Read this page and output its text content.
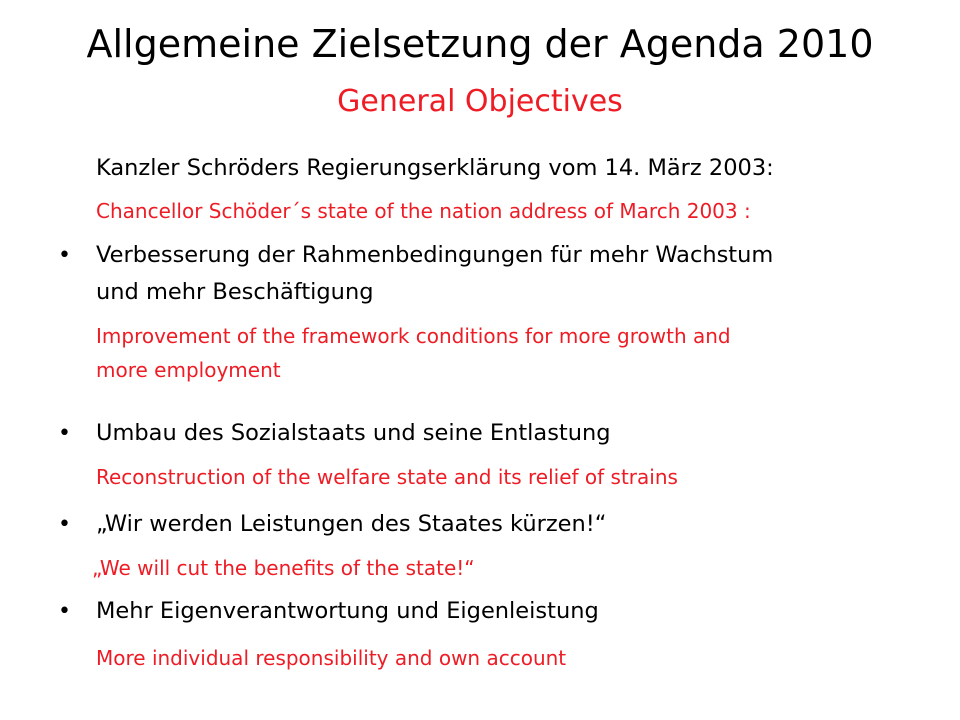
Allgemeine Zielsetzung der Agenda 2010
General Objectives
Kanzler Schröders Regierungserklärung vom 14. März 2003:
Chancellor Schöder´s state of the nation address of March 2003 :
• Verbesserung der Rahmenbedingungen für mehr Wachstum
und mehr Beschäftigung
Improvement of the framework conditions for more growth and
more employment
• Umbau des Sozialstaats und seine Entlastung
Reconstruction of the welfare state and its relief of strains
• „Wir werden Leistungen des Staates kürzen!“
„We will cut the benefits of the state!“
• Mehr Eigenverantwortung und Eigenleistung
More individual responsibility and own account
